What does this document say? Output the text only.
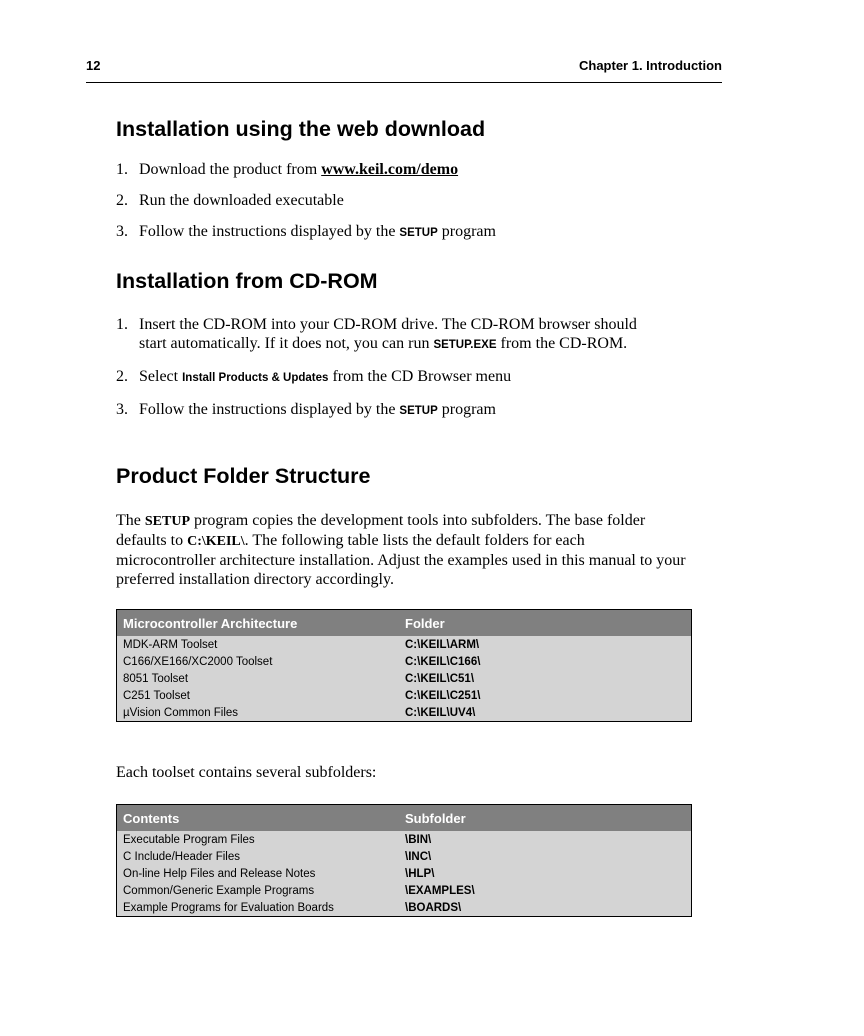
12	Chapter 1. Introduction
Installation using the web download
1. Download the product from www.keil.com/demo
2. Run the downloaded executable
3. Follow the instructions displayed by the SETUP program
Installation from CD-ROM
1. Insert the CD-ROM into your CD-ROM drive. The CD-ROM browser should start automatically. If it does not, you can run SETUP.EXE from the CD-ROM.
2. Select Install Products & Updates from the CD Browser menu
3. Follow the instructions displayed by the SETUP program
Product Folder Structure

The SETUP program copies the development tools into subfolders. The base folder defaults to C:\KEIL\. The following table lists the default folders for each microcontroller architecture installation. Adjust the examples used in this manual to your preferred installation directory accordingly.

Microcontroller Architecture	Folder
MDK-ARM Toolset	C:\KEIL\ARM\
C166/XE166/XC2000 Toolset	C:\KEIL\C166\
8051 Toolset	C:\KEIL\C51\
C251 Toolset	C:\KEIL\C251\
µVision Common Files	C:\KEIL\UV4\

Each toolset contains several subfolders:

Contents	Subfolder
Executable Program Files	\BIN\
C Include/Header Files	\INC\
On-line Help Files and Release Notes	\HLP\
Common/Generic Example Programs	\EXAMPLES\
Example Programs for Evaluation Boards	\BOARDS\
